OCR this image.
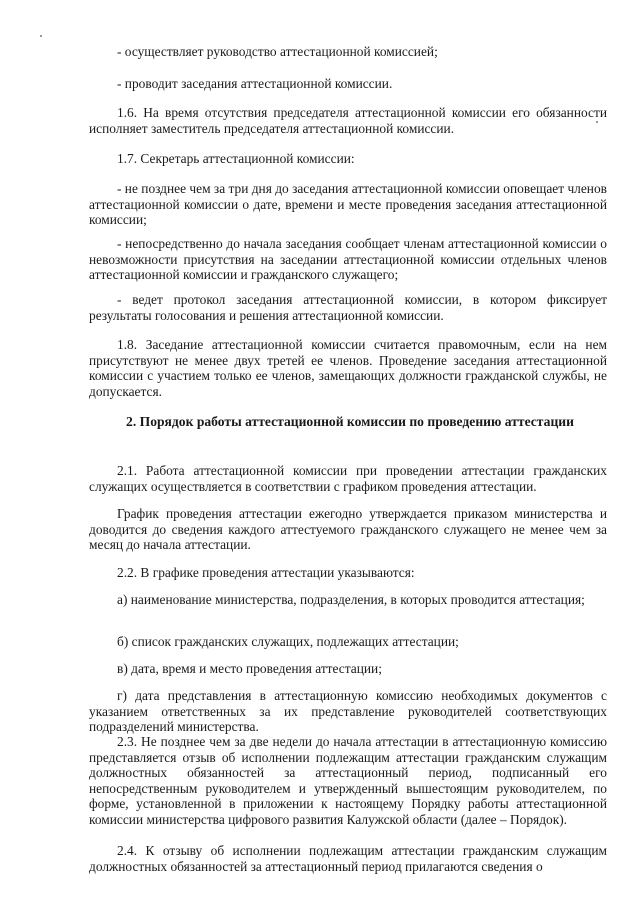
- осуществляет руководство аттестационной комиссией;

- проводит заседания аттестационной комиссии.

1.6. На время отсутствия председателя аттестационной комиссии его обязанности исполняет заместитель председателя аттестационной комиссии.

1.7. Секретарь аттестационной комиссии:

- не позднее чем за три дня до заседания аттестационной комиссии оповещает членов аттестационной комиссии о дате, времени и месте проведения заседания аттестационной комиссии;

- непосредственно до начала заседания сообщает членам аттестационной комиссии о невозможности присутствия на заседании аттестационной комиссии отдельных членов аттестационной комиссии и гражданского служащего;

- ведет протокол заседания аттестационной комиссии, в котором фиксирует результаты голосования и решения аттестационной комиссии.

1.8. Заседание аттестационной комиссии считается правомочным, если на нем присутствуют не менее двух третей ее членов. Проведение заседания аттестационной комиссии с участием только ее членов, замещающих должности гражданской службы, не допускается.

2. Порядок работы аттестационной комиссии по проведению аттестации

2.1. Работа аттестационной комиссии при проведении аттестации гражданских служащих осуществляется в соответствии с графиком проведения аттестации.

График проведения аттестации ежегодно утверждается приказом министерства и доводится до сведения каждого аттестуемого гражданского служащего не менее чем за месяц до начала аттестации.

2.2. В графике проведения аттестации указываются:

а) наименование министерства, подразделения, в которых проводится аттестация;

б) список гражданских служащих, подлежащих аттестации;

в) дата, время и место проведения аттестации;

г) дата представления в аттестационную комиссию необходимых документов с указанием ответственных за их представление руководителей соответствующих подразделений министерства.

2.3. Не позднее чем за две недели до начала аттестации в аттестационную комиссию представляется отзыв об исполнении подлежащим аттестации гражданским служащим должностных обязанностей за аттестационный период, подписанный его непосредственным руководителем и утвержденный вышестоящим руководителем, по форме, установленной в приложении к настоящему Порядку работы аттестационной комиссии министерства цифрового развития Калужской области (далее – Порядок).

2.4. К отзыву об исполнении подлежащим аттестации гражданским служащим должностных обязанностей за аттестационный период прилагаются сведения о
